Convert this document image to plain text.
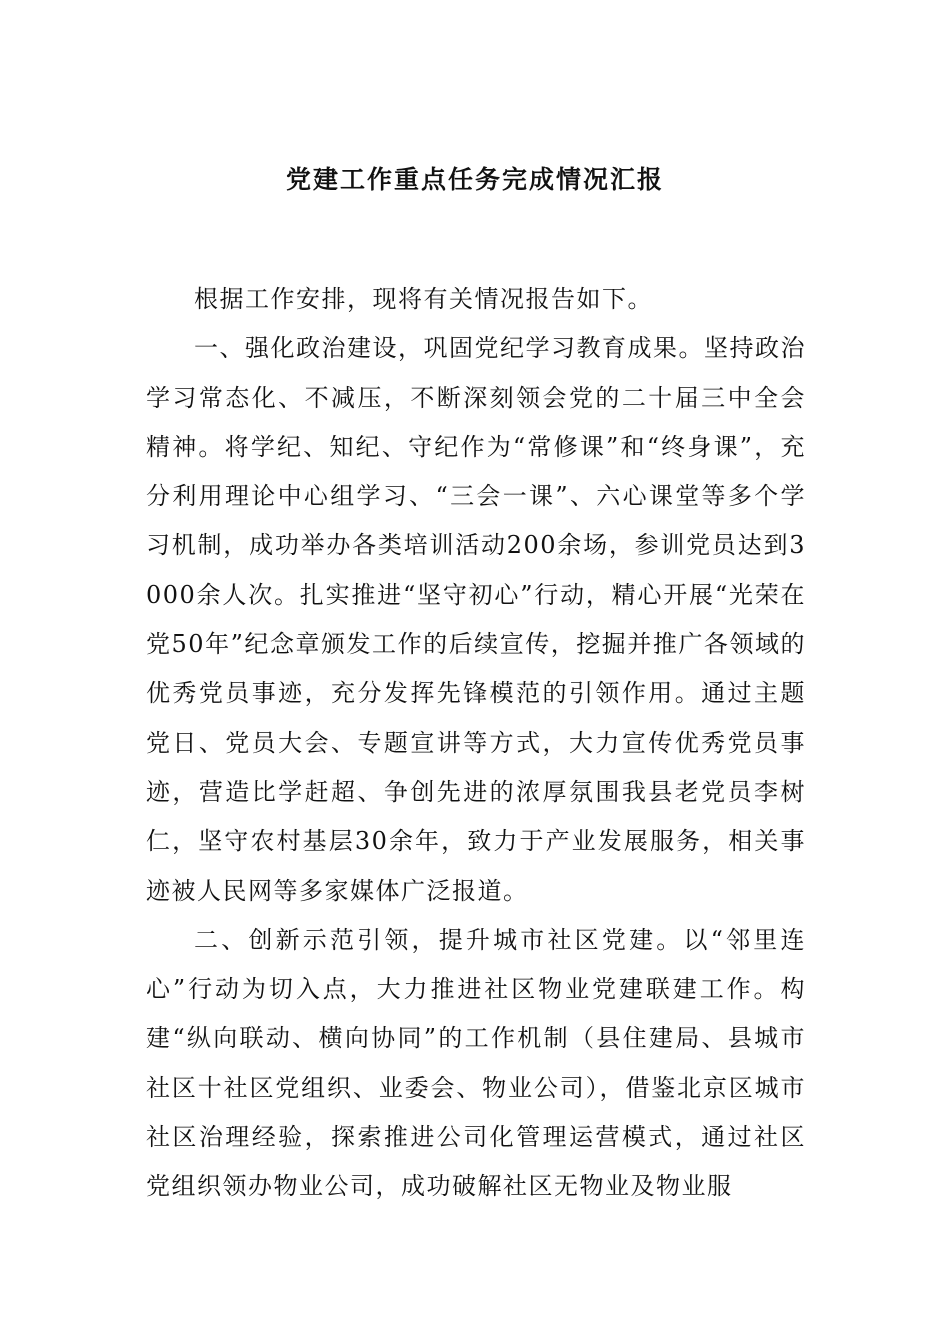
党建工作重点任务完成情况汇报

根据工作安排，现将有关情况报告如下。

一、强化政治建设，巩固党纪学习教育成果。坚持政治学习常态化、不减压，不断深刻领会党的二十届三中全会精神。将学纪、知纪、守纪作为“常修课”和“终身课”，充分利用理论中心组学习、“三会一课”、六心课堂等多个学习机制，成功举办各类培训活动200余场，参训党员达到3000余人次。扎实推进“坚守初心”行动，精心开展“光荣在党50年”纪念章颁发工作的后续宣传，挖掘并推广各领域的优秀党员事迹，充分发挥先锋模范的引领作用。通过主题党日、党员大会、专题宣讲等方式，大力宣传优秀党员事迹，营造比学赶超、争创先进的浓厚氛围我县老党员李树仁，坚守农村基层30余年，致力于产业发展服务，相关事迹被人民网等多家媒体广泛报道。

二、创新示范引领，提升城市社区党建。以“邻里连心”行动为切入点，大力推进社区物业党建联建工作。构建“纵向联动、横向协同”的工作机制（县住建局、县城市社区十社区党组织、业委会、物业公司），借鉴北京区城市社区治理经验，探索推进公司化管理运营模式，通过社区党组织领办物业公司，成功破解社区无物业及物业服
